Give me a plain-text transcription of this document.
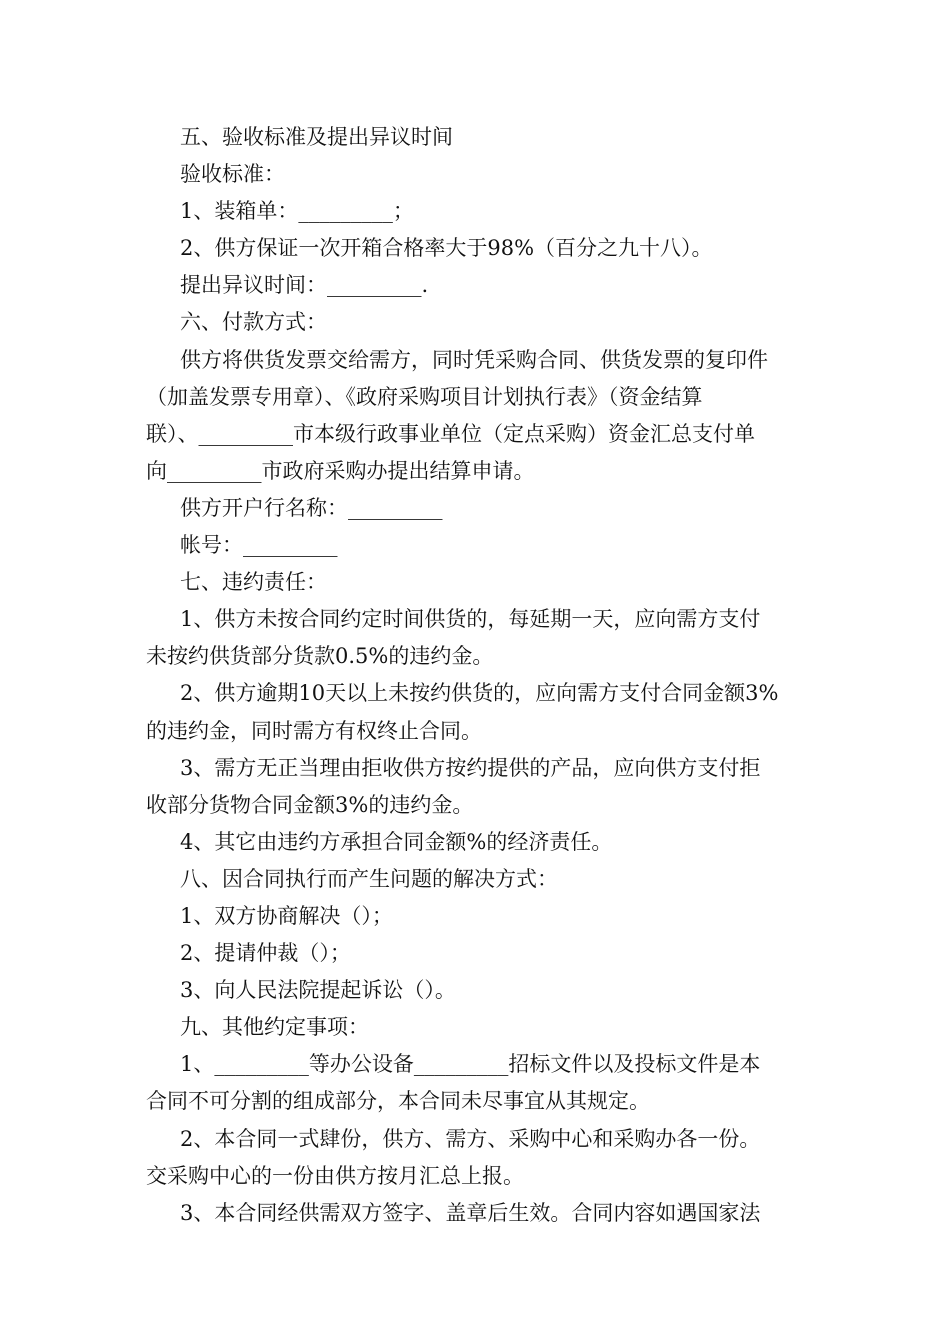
五、验收标准及提出异议时间

验收标准：

1、装箱单：_________；

2、供方保证一次开箱合格率大于98%（百分之九十八）。

提出异议时间：_________.

六、付款方式：

供方将供货发票交给需方，同时凭采购合同、供货发票的复印件

（加盖发票专用章）、《政府采购项目计划执行表》（资金结算

联）、_________市本级行政事业单位（定点采购）资金汇总支付单

向_________市政府采购办提出结算申请。

供方开户行名称：_________

帐号：_________

七、违约责任：

1、供方未按合同约定时间供货的，每延期一天，应向需方支付

未按约供货部分货款0.5%的违约金。

2、供方逾期10天以上未按约供货的，应向需方支付合同金额3%

的违约金，同时需方有权终止合同。

3、需方无正当理由拒收供方按约提供的产品，应向供方支付拒

收部分货物合同金额3%的违约金。

4、其它由违约方承担合同金额%的经济责任。

八、因合同执行而产生问题的解决方式：

1、双方协商解决（）；

2、提请仲裁（）；

3、向人民法院提起诉讼（）。

九、其他约定事项：

1、_________等办公设备_________招标文件以及投标文件是本

合同不可分割的组成部分，本合同未尽事宜从其规定。

2、本合同一式肆份，供方、需方、采购中心和采购办各一份。

交采购中心的一份由供方按月汇总上报。

3、本合同经供需双方签字、盖章后生效。合同内容如遇国家法
